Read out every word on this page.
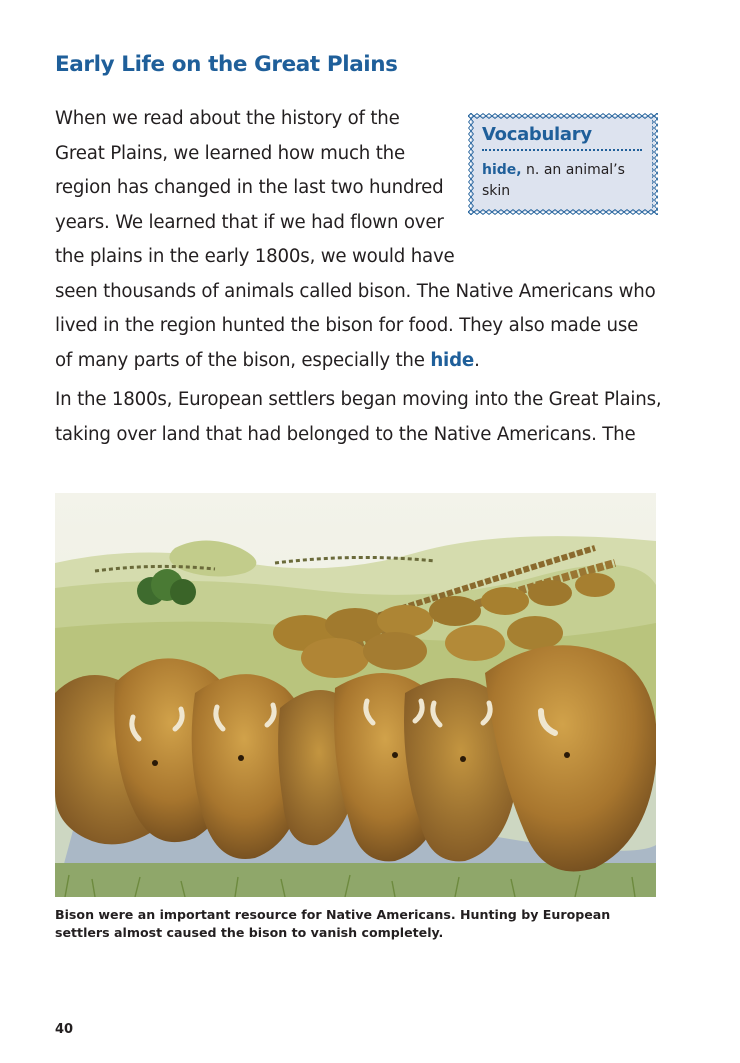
Early Life on the Great Plains
When we read about the history of the
Great Plains, we learned how much the
region has changed in the last two hundred
years. We learned that if we had flown over
the plains in the early 1800s, we would have
seen thousands of animals called bison. The Native Americans who
lived in the region hunted the bison for food. They also made use
of many parts of the bison, especially the hide.
Vocabulary
hide, n. an animal’s skin
In the 1800s, European settlers began moving into the Great Plains,
taking over land that had belonged to the Native Americans. The
Bison were an important resource for Native Americans. Hunting by European settlers almost caused the bison to vanish completely.
40
